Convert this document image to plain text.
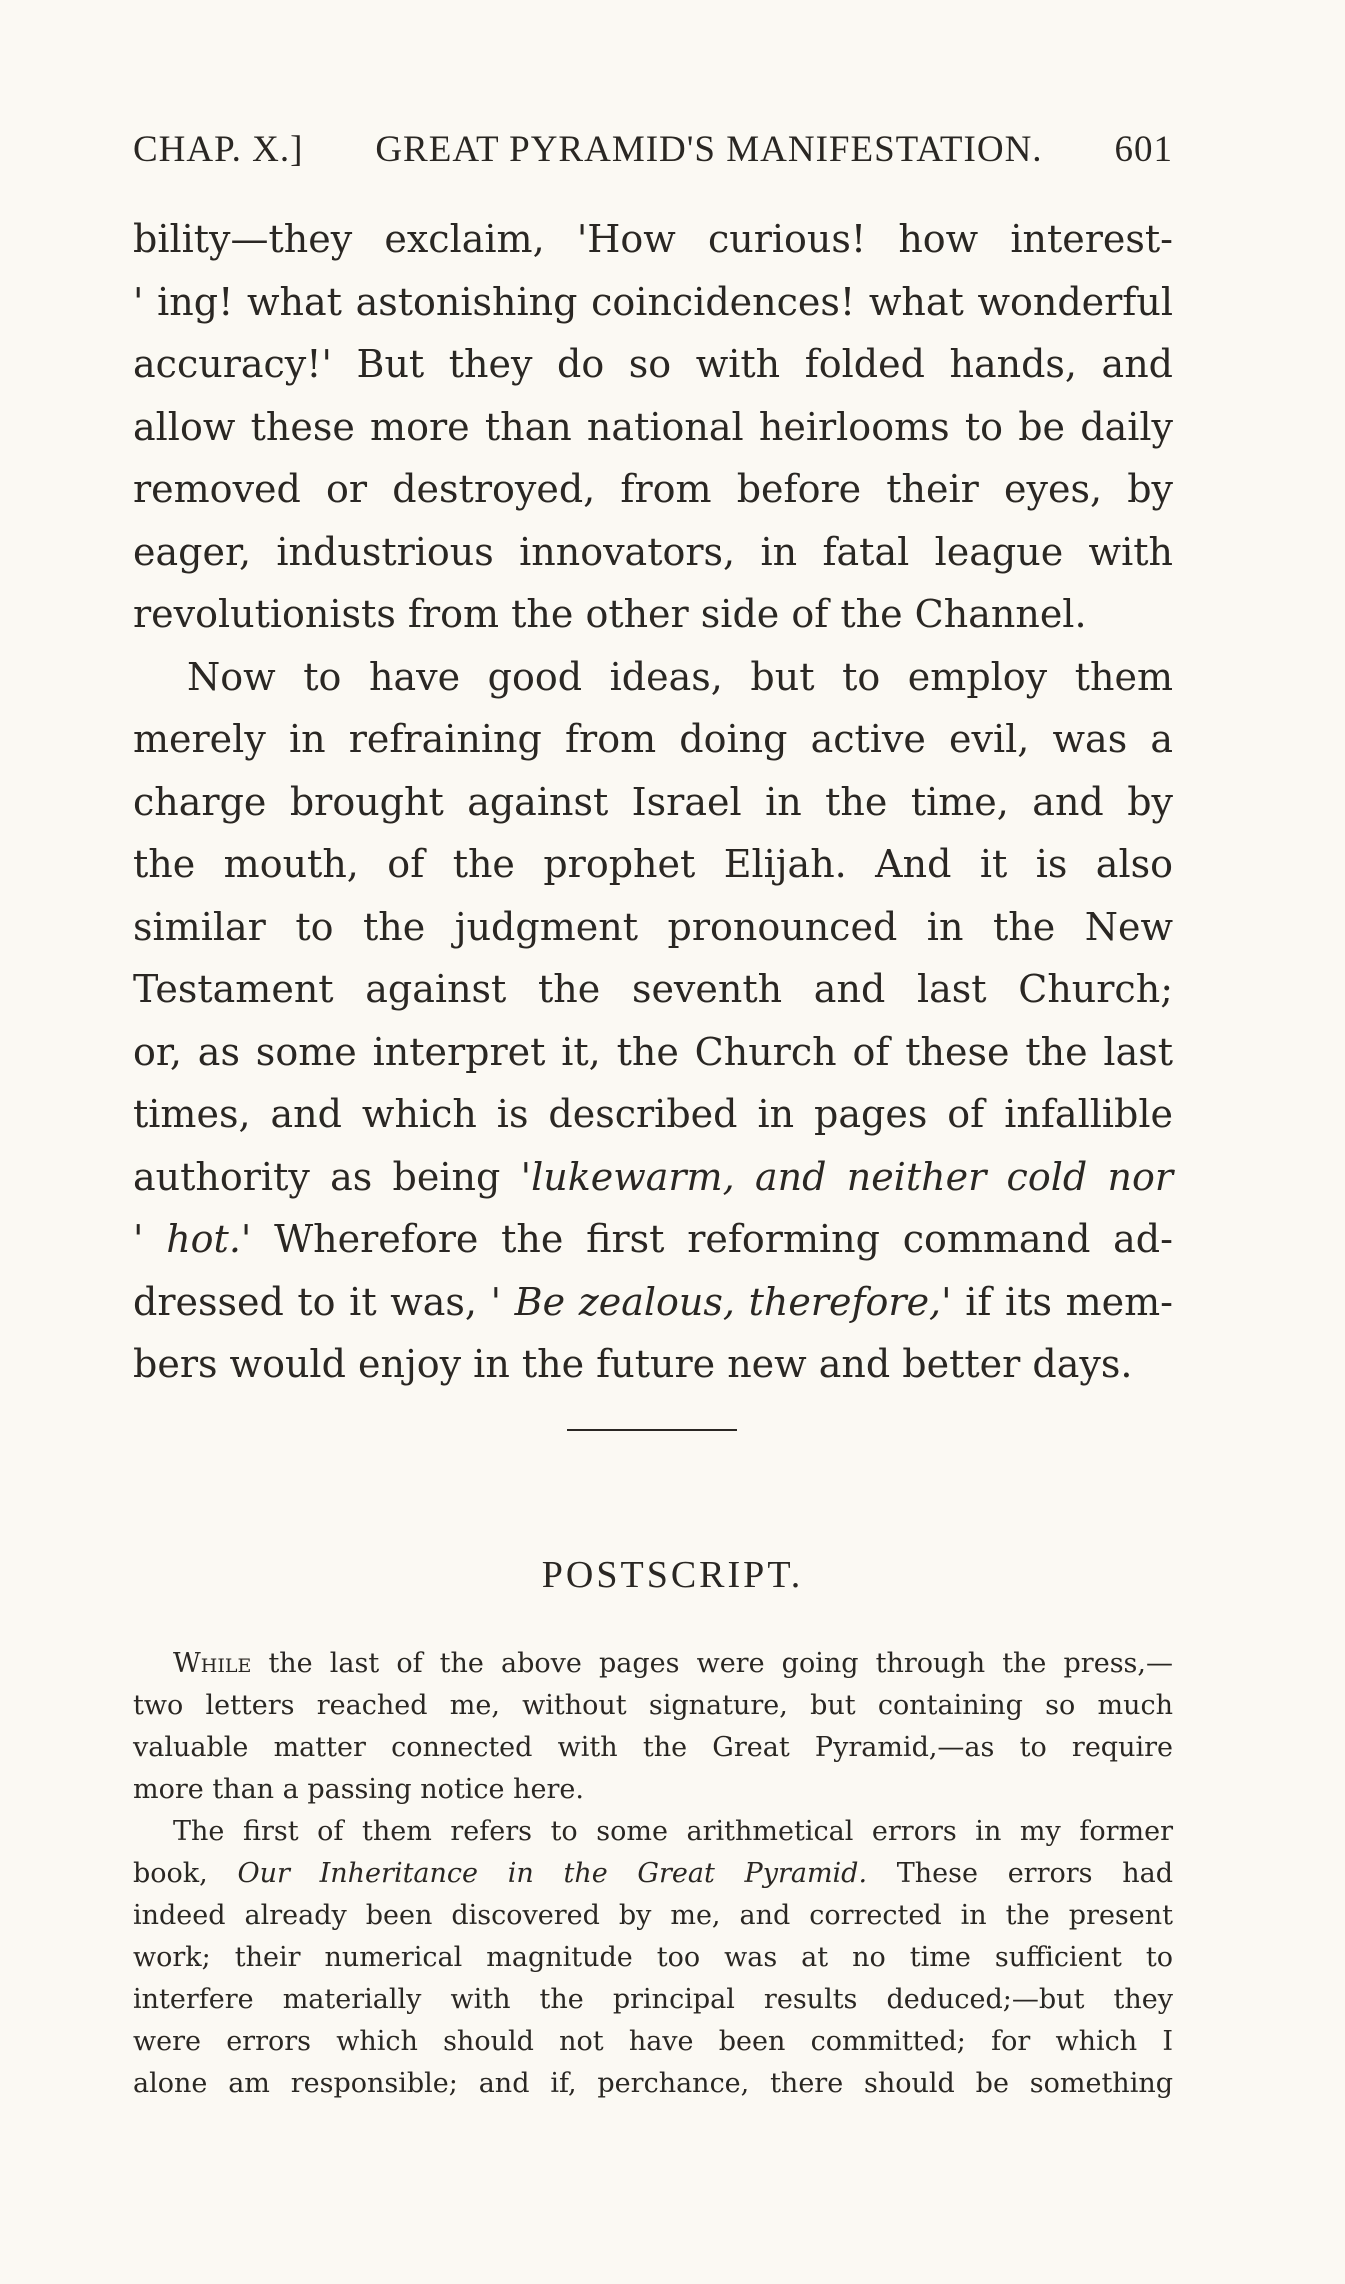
CHAP. X.] GREAT PYRAMID'S MANIFESTATION. 601
bility—they exclaim, 'How curious! how interest-
' ing! what astonishing coincidences! what wonderful
accuracy!' But they do so with folded hands, and
allow these more than national heirlooms to be daily
removed or destroyed, from before their eyes, by
eager, industrious innovators, in fatal league with
revolutionists from the other side of the Channel.
Now to have good ideas, but to employ them
merely in refraining from doing active evil, was a
charge brought against Israel in the time, and by
the mouth, of the prophet Elijah. And it is also
similar to the judgment pronounced in the New
Testament against the seventh and last Church;
or, as some interpret it, the Church of these the last
times, and which is described in pages of infallible
authority as being 'lukewarm, and neither cold nor
' hot.' Wherefore the first reforming command ad-
dressed to it was, ' Be zealous, therefore,' if its mem-
bers would enjoy in the future new and better days.
POSTSCRIPT.
While the last of the above pages were going through the press,—
two letters reached me, without signature, but containing so much
valuable matter connected with the Great Pyramid,—as to require
more than a passing notice here.
The first of them refers to some arithmetical errors in my former
book, Our Inheritance in the Great Pyramid. These errors had
indeed already been discovered by me, and corrected in the present
work; their numerical magnitude too was at no time sufficient to
interfere materially with the principal results deduced;—but they
were errors which should not have been committed; for which I
alone am responsible; and if, perchance, there should be something
